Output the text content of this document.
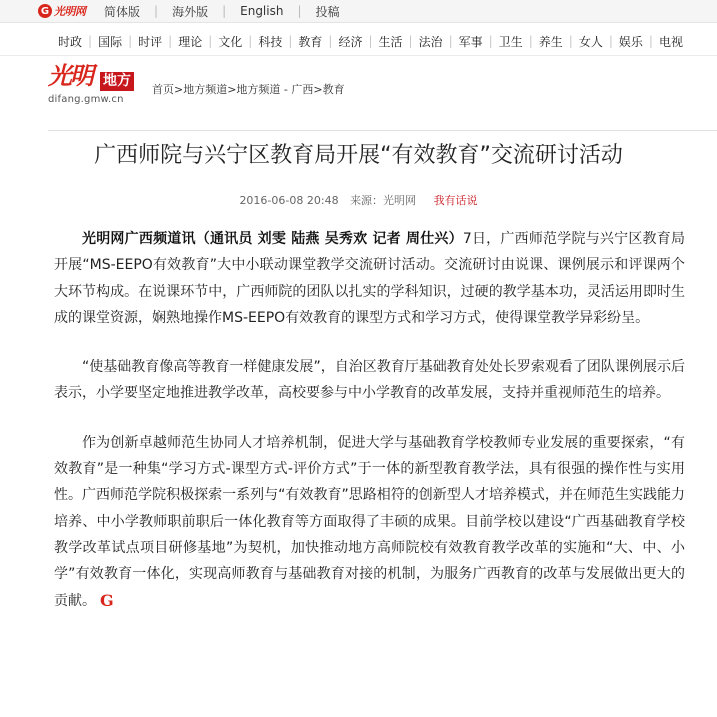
G 光明网 简体版 | 海外版 | English | 投稿
时政 | 国际 | 时评 | 理论 | 文化 | 科技 | 教育 | 经济 | 生活 | 法治 | 军事 | 卫生 | 养生 | 女人 | 娱乐 | 电视
光明 地方
difang.gmw.cn
首页>地方频道>地方频道 - 广西>教育
广西师院与兴宁区教育局开展“有效教育”交流研讨活动
2016-06-08 20:48 来源：光明网 我有话说

光明网广西频道讯（通讯员 刘雯 陆燕 吴秀欢 记者 周仕兴）7日，广西师范学院与兴宁区教育局开展“MS-EEPO有效教育”大中小联动课堂教学交流研讨活动。交流研讨由说课、课例展示和评课两个大环节构成。在说课环节中，广西师院的团队以扎实的学科知识，过硬的教学基本功，灵活运用即时生成的课堂资源，娴熟地操作MS-EEPO有效教育的课型方式和学习方式，使得课堂教学异彩纷呈。

“使基础教育像高等教育一样健康发展”，自治区教育厅基础教育处处长罗索观看了团队课例展示后表示，小学要坚定地推进教学改革，高校要参与中小学教育的改革发展，支持并重视师范生的培养。

作为创新卓越师范生协同人才培养机制，促进大学与基础教育学校教师专业发展的重要探索，“有效教育”是一种集“学习方式-课型方式-评价方式”于一体的新型教育教学法，具有很强的操作性与实用性。广西师范学院积极探索一系列与“有效教育”思路相符的创新型人才培养模式，并在师范生实践能力培养、中小学教师职前职后一体化教育等方面取得了丰硕的成果。目前学校以建设“广西基础教育学校教学改革试点项目研修基地”为契机，加快推动地方高师院校有效教育教学改革的实施和“大、中、小学”有效教育一体化，实现高师教育与基础教育对接的机制，为服务广西教育的改革与发展做出更大的贡献。 G
